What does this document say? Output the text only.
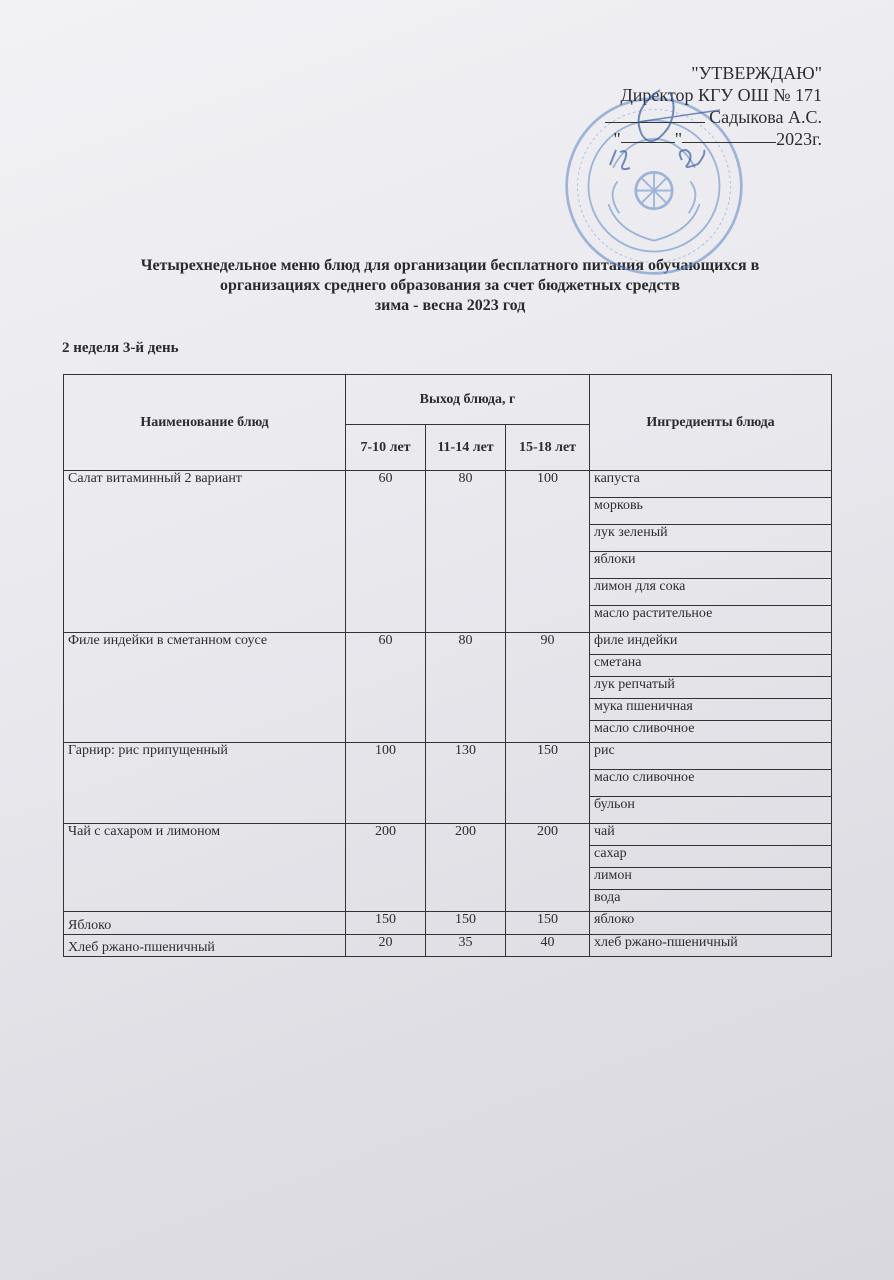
"УТВЕРЖДАЮ"
Директор КГУ ОШ № 171
Садыкова А.С.
"	"	2023г.
Четырехнедельное меню блюд для организации бесплатного питания обучающихся в
организациях среднего образования за счет бюджетных средств
зима - весна 2023 год
2 неделя 3-й день
Наименование блюд	Выход блюда, г			Ингредиенты блюда
	7-10 лет	11-14 лет	15-18 лет	
Салат витаминный 2 вариант	60	80	100	капуста
				морковь
				лук зеленый
				яблоки
				лимон для сока
				масло растительное
Филе индейки в сметанном соусе	60	80	90	филе индейки
				сметана
				лук репчатый
				мука пшеничная
				масло сливочное
Гарнир: рис припущенный	100	130	150	рис
				масло сливочное
				бульон
Чай с сахаром и лимоном	200	200	200	чай
				сахар
				лимон
				вода
Яблоко	150	150	150	яблоко
Хлеб ржано-пшеничный	20	35	40	хлеб ржано-пшеничный
